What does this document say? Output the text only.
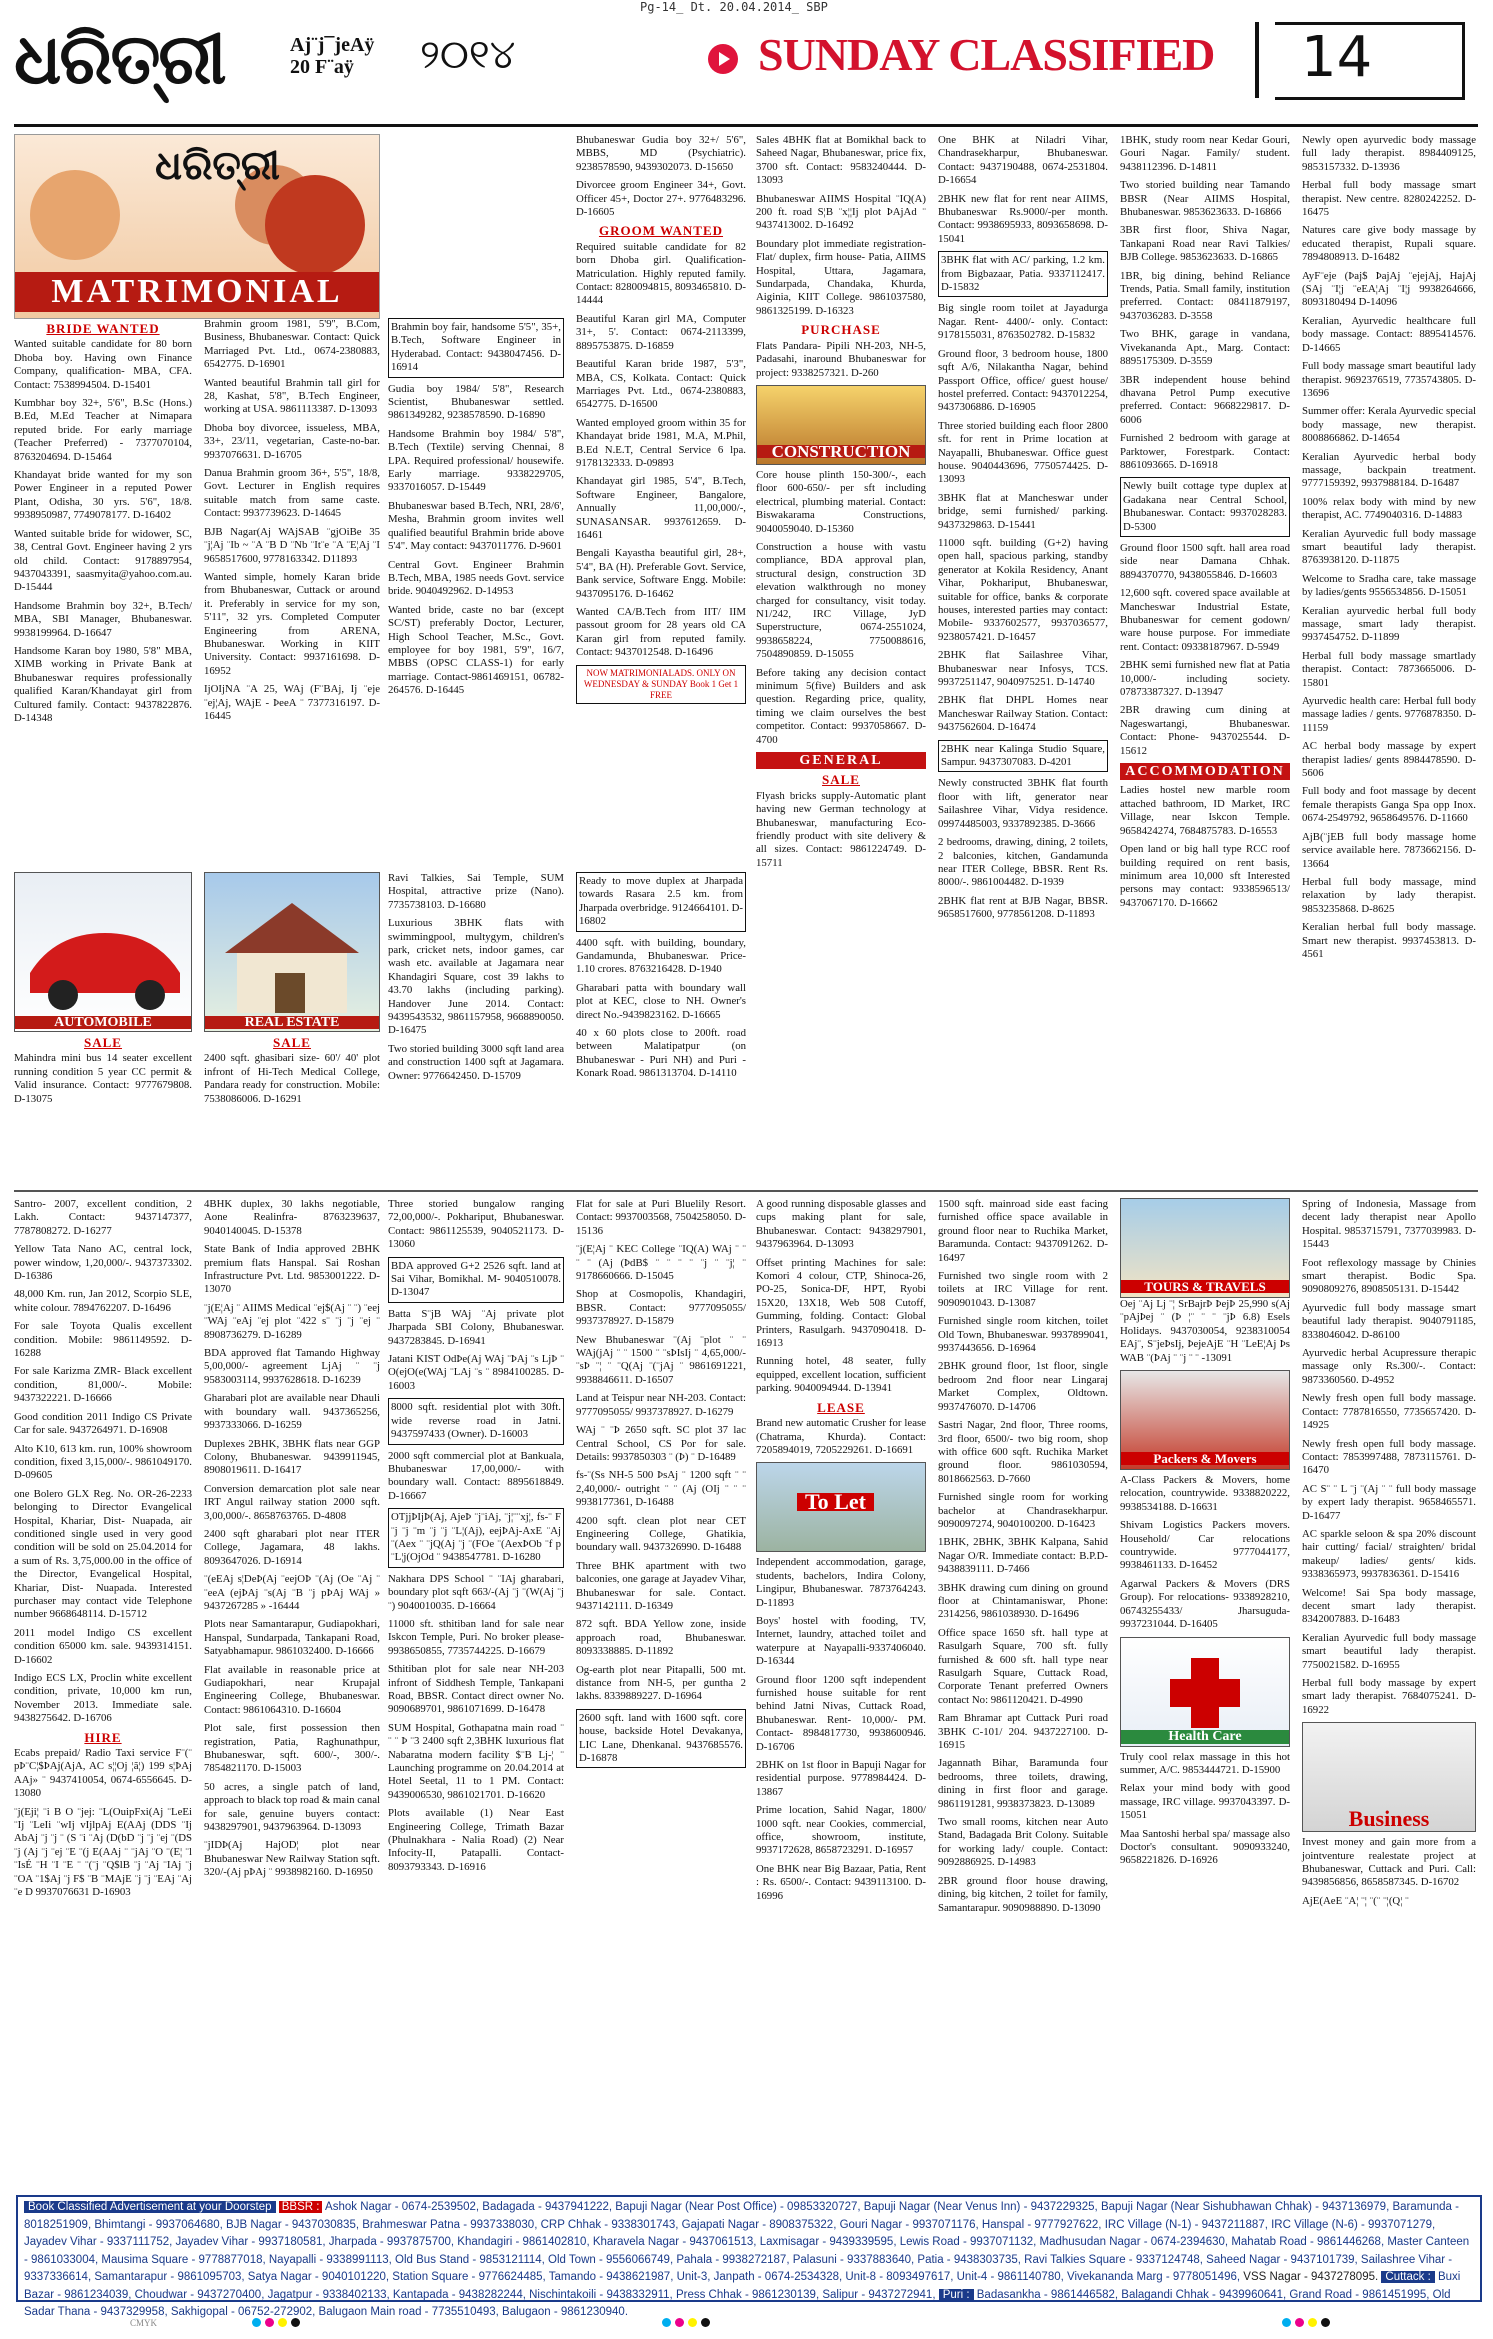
Pg-14_ Dt. 20.04.2014_ SBP
ଧରିତ୍ରୀ	Aj¨j¯jeAÿ
20 F¨aÿ	୨୦୧୪	SUNDAY CLASSIFIED	14
ଧରିତ୍ରୀ
MATRIMONIAL
BRIDE WANTED

Wanted suitable candidate for 80 born Dhoba boy. Having own Finance Company, qualification- MBA, CFA. Contact: 7538994504. D-15401

Kumbhar boy 32+, 5'6", B.Sc (Hons.) B.Ed, M.Ed Teacher at Nimapara reputed bride. For early marriage (Teacher Preferred) - 7377070104, 8763204694. D-15464

Khandayat bride wanted for my son Power Engineer in a reputed Power Plant, Odisha, 30 yrs. 5'6", 18/8. 9938950987, 7749078177. D-16402

Wanted suitable bride for widower, SC, 38, Central Govt. Engineer having 2 yrs old child. Contact: 9178897954, 9437043391, saasmyita@yahoo.com.au. D-15444

Handsome Brahmin boy 32+, B.Tech/ MBA, SBI Manager, Bhubaneswar. 9938199964. D-16647

Handsome Karan boy 1980, 5'8" MBA, XIMB working in Private Bank at Bhubaneswar requires professionally qualified Karan/Khandayat girl from Cultured family. Contact: 9437822876. D-14348

Brahmin groom 1981, 5'9'', B.Com, Business, Bhubaneswar. Contact: Quick Marriaged Pvt. Ltd., 0674-2380883, 6542775. D-16901

Wanted beautiful Brahmin tall girl for 28, Kashat, 5'8", B.Tech Engineer, working at USA. 9861113387. D-13093

Dhoba boy divorcee, issueless, MBA, 33+, 23/11, vegetarian, Caste-no-bar. 9937076631. D-16705

Danua Brahmin groom 36+, 5'5", 18/8, Govt. Lecturer in English requires suitable match from same caste. Contact: 9937739623. D-14645

BJB Nagar(Aj WAjSAB ¨gjOiBe 35 ¨j¦Aj ¨Ib ~ ¨A ¨B D ¨Nb ¨It¨e ¨A ¨E¦Aj ¨I 9658517600, 9778163342. D11893

Wanted simple, homely Karan bride from Bhubaneswar, Cuttack or around it. Preferably in service for my son, 5'11", 32 yrs. Completed Computer Engineering from ARENA, Bhubaneswar. Working in KIIT University. Contact: 9937161698. D-16952

IjOIjNA ¨A 25, WAj (F¨BAj, Ij ¨eje ¨ej¦Aj, WAjE - ÞeeA ¨ 7377316197. D-16445

Brahmin boy fair, handsome 5'5", 35+, B.Tech, Software Engineer in Hyderabad. Contact: 9438047456. D-16914

Gudia boy 1984/ 5'8", Research Scientist, Bhubaneswar settled. 9861349282, 9238578590. D-16890

Handsome Brahmin boy 1984/ 5'8", B.Tech (Textile) serving Chennai, 8 LPA. Required professional/ housewife. Early marriage. 9338229705, 9337016057. D-15449

Bhubaneswar based B.Tech, NRI, 28/6', Mesha, Brahmin groom invites well qualified beautiful Brahmin bride above 5'4". May contact: 9437011776. D-9601

Central Govt. Engineer Brahmin B.Tech, MBA, 1985 needs Govt. service bride. 9040492962. D-14953

Wanted bride, caste no bar (except SC/ST) preferably Doctor, Lecturer, High School Teacher, M.Sc., Govt. employee for boy 1981, 5'9", 16/7, MBBS (OPSC CLASS-1) for early marriage. Contact-9861469151, 06782-264576. D-16445

Bhubaneswar Gudia boy 32+/ 5'6", MBBS, MD (Psychiatric). 9238578590, 9439302073. D-15650

Divorcee groom Engineer 34+, Govt. Officer 45+, Doctor 27+. 9776483296. D-16605

GROOM WANTED

Required suitable candidate for 82 born Dhoba girl. Qualification- Matriculation. Highly reputed family. Contact: 8280094815, 8093465810. D-14444

Beautiful Karan girl MA, Computer 31+, 5'. Contact: 0674-2113399, 8895753875. D-16859

Beautiful Karan bride 1987, 5'3", MBA, CS, Kolkata. Contact: Quick Marriages Pvt. Ltd., 0674-2380883, 6542775. D-16500

Wanted employed groom within 35 for Khandayat bride 1981, M.A, M.Phil, B.Ed N.E.T, Central Service 6 lpa. 9178132333. D-09893

Khandayat girl 1985, 5'4", B.Tech, Software Engineer, Bangalore, Annually 11,00,000/-, SUNASANSAR. 9937612659. D-16461

Bengali Kayastha beautiful girl, 28+, 5'4", BA (H). Preferable Govt. Service, Bank service, Software Engg. Mobile: 9437095176. D-16462

Wanted CA/B.Tech from IIT/ IIM passout groom for 28 years old CA Karan girl from reputed family. Contact: 9437012548. D-16496

NOW MATRIMONIALADS. ONLY ON WEDNESDAY & SUNDAY Book 1 Get 1 FREE

Sales 4BHK flat at Bomikhal back to Saheed Nagar, Bhubaneswar, price fix, 3700 sft. Contact: 9583240444. D-13093

Bhubaneswar AIIMS Hospital ¨IQ(A) 200 ft. road S¦B ¨x¦¦Ij plot ÞAjAd ¨ 9437413002. D-16492

Boundary plot immediate registration- Flat/ duplex, firm house- Patia, AIIMS Hospital, Uttara, Jagamara, Sundarpada, Chandaka, Khurda, Aiginia, KIIT College. 9861037580, 9861325199. D-16323

PURCHASE

Flats Pandara- Pipili NH-203, NH-5, Padasahi, inaround Bhubaneswar for project: 9338257321. D-260

CONSTRUCTION

Core house plinth 150-300/-, each floor 600-650/- per sft including electrical, plumbing material. Contact: Biswakarama Constructions, 9040059040. D-15360

Construction a house with vastu compliance, BDA approval plan, structural design, construction 3D elevation walkthrough no money charged for consultancy, visit today. N1/242, IRC Village, JyD Superstructure, 0674-2551024, 9938658224, 7750088616, 7504890859. D-15055

Before taking any decision contact minimum 5(five) Builders and ask question. Regarding price, quality, timing we claim ourselves the best competitor. Contact: 9937058667. D-4700

GENERAL
SALE

Flyash bricks supply-Automatic plant having new German technology at Bhubaneswar, manufacturing Eco-friendly product with site delivery & all sizes. Contact: 9861224749. D-15711

One BHK at Niladri Vihar, Chandrasekharpur, Bhubaneswar. Contact: 9437190488, 0674-2531804. D-16654

2BHK new flat for rent near AIIMS, Bhubaneswar Rs.9000/-per month. Contact: 9938695933, 8093658698. D-15041

3BHK flat with AC/ parking, 1.2 km. from Bigbazaar, Patia. 9337112417. D-15832

Big single room toilet at Jayadurga Nagar. Rent- 4400/- only. Contact: 9178155031, 8763502782. D-15832

Ground floor, 3 bedroom house, 1800 sqft A/6, Nilakantha Nagar, behind Passport Office, office/ guest house/ hostel preferred. Contact: 9437012254, 9437306886. D-16905

Three storied building each floor 2800 sft. for rent in Prime location at Nayapalli, Bhubaneswar. Office guest house. 9040443696, 7750574425. D-13093

3BHK flat at Mancheswar under bridge, semi furnished/ parking. 9437329863. D-15441

11000 sqft. building (G+2) having open hall, spacious parking, standby generator at Kokila Residency, Anant Vihar, Pokhariput, Bhubaneswar, suitable for office, banks & corporate houses, interested parties may contact: Mobile- 9337602577, 9937036577, 9238057421. D-16457

2BHK flat Sailashree Vihar, Bhubaneswar near Infosys, TCS. 9937251147, 9040975251. D-14740

2BHK flat DHPL Homes near Mancheswar Railway Station. Contact: 9437562604. D-16474

2BHK near Kalinga Studio Square, Sampur. 9437307083. D-4201

Newly constructed 3BHK flat fourth floor with lift, generator near Sailashree Vihar, Vidya residence. 09974485003, 9337892385. D-3666

2 bedrooms, drawing, dining, 2 toilets, 2 balconies, kitchen, Gandamunda near ITER College, BBSR. Rent Rs. 8000/-. 9861004482. D-1939

2BHK flat rent at BJB Nagar, BBSR. 9658517600, 9778561208. D-11893

1BHK, study room near Kedar Gouri, Gouri Nagar. Family/ student. 9438112396. D-14811

Two storied building near Tamando BBSR (Near AIIMS Hospital, Bhubaneswar. 9853623633. D-16866

3BR first floor, Shiva Nagar, Tankapani Road near Ravi Talkies/ BJB College. 9853623633. D-16865

1BR, big dining, behind Reliance Trends, Patia. Small family, institution preferred. Contact: 08411879197, 9437036283. D-3558

Two BHK, garage in vandana, Vivekananda Apt., Marg. Contact: 8895175309. D-3559

3BR independent house behind dhavana Petrol Pump executive preferred. Contact: 9668229817. D-6006

Furnished 2 bedroom with garage at Parktower, Forestpark. Contact: 8861093665. D-16918

Newly built cottage type duplex at Gadakana near Central School, Bhubaneswar. Contact: 9937028283. D-5300

Ground floor 1500 sqft. hall area road side near Damana Chhak. 8894370770, 9438055846. D-16603

12,600 sqft. covered space available at Mancheswar Industrial Estate, Bhubaneswar for cement godown/ ware house purpose. For immediate rent. Contact: 09338187967. D-5949

2BHK semi furnished new flat at Patia 10,000/- including society. 07873387327. D-13947

2BR drawing cum dining at Nageswartangi, Bhubaneswar. Contact: Phone- 9437025544. D-15612

ACCOMMODATION

Ladies hostel new marble room attached bathroom, ID Market, IRC Village, near Iskcon Temple. 9658424274, 7684875783. D-16553

Open land or big hall type RCC roof building required on rent basis, minimum area 10,000 sft Interested persons may contact: 9338596513/ 9437067170. D-16662

Newly open ayurvedic body massage full lady therapist. 8984409125, 9853157332. D-13936

Herbal full body massage smart therapist. New centre. 8280242252. D-16475

Natures care give body massage by educated therapist, Rupali square. 7894808913. D-16482

AyF¨eje (Þaj$ ÞajAj ¨ejejAj, HajAj (SAj ¨I¦j ¨eEA¦Aj ¨I¦j 9938264666, 8093180494 D-14096

Keralian, Ayurvedic healthcare full body massage. Contact: 8895414576. D-14665

Full body massage smart beautiful lady therapist. 9692376519, 7735743805. D-13696

Summer offer: Kerala Ayurvedic special body massage, new therapist. 8008866862. D-14654

Keralian Ayurvedic herbal body massage, backpain treatment. 9777159392, 9937988184. D-16487

100% relax body with mind by new therapist, AC. 7749040316. D-14883

Keralian Ayurvedic full body massage smart beautiful lady therapist. 8763938120. D-11875

Welcome to Sradha care, take massage by ladies/gents 9556534856. D-15051

Keralian ayurvedic herbal full body massage, smart lady therapist. 9937454752. D-11899

Herbal full body massage smartlady therapist. Contact: 7873665006. D-15801

Ayurvedic health care: Herbal full body massage ladies / gents. 9776878350. D-11159

AC herbal body massage by expert therapist ladies/ gents 8984478590. D-5606

Full body and foot massage by decent female therapists Ganga Spa opp Inox. 0674-2549792, 9658649576. D-11660

AjB(¨jEB full body massage home service available here. 7873662156. D-13664

Herbal full body massage, mind relaxation by lady therapist. 9853235868. D-8625

Keralian herbal full body massage. Smart new therapist. 9937453813. D-4561

AUTOMOBILE
SALE

Mahindra mini bus 14 seater excellent running condition 5 year CC permit & Valid insurance. Contact: 9777679808. D-13075

REAL ESTATE
SALE

2400 sqft. ghasibari size- 60'/ 40' plot infront of Hi-Tech Medical College, Pandara ready for construction. Mobile: 7538086006. D-16291

Ravi Talkies, Sai Temple, SUM Hospital, attractive prize (Nano). 7735738103. D-16680

Luxurious 3BHK flats with swimmingpool, multygym, children's park, cricket nets, indoor games, car wash etc. available at Jagamara near Khandagiri Square, cost 39 lakhs to 43.70 lakhs (including parking). Handover June 2014. Contact: 9439543532, 9861157958, 9668890050. D-16475

Two storied building 3000 sqft land area and construction 1400 sqft at Jagamara. Owner: 9776642450. D-15709

Ready to move duplex at Jharpada towards Rasara 2.5 km. from Jharpada overbridge. 9124664101. D-16802

4400 sqft. with building, boundary, Gandamunda, Bhubaneswar. Price- 1.10 crores. 8763216428. D-1940

Gharabari patta with boundary wall plot at KEC, close to NH. Owner's direct No.-9439823162. D-16665

40 x 60 plots close to 200ft. road between Malatipatpur (on Bhubaneswar - Puri NH) and Puri - Konark Road. 9861313704. D-14110

Santro- 2007, excellent condition, 2 Lakh. Contact: 9437147377, 7787808272. D-16277

Yellow Tata Nano AC, central lock, power window, 1,20,000/-. 9437373302. D-16386

48,000 Km. run, Jan 2012, Scorpio SLE, white colour. 7894762207. D-16496

For sale Toyota Qualis excellent condition. Mobile: 9861149592. D-16288

For sale Karizma ZMR- Black excellent condition, 81,000/-. Mobile: 9437322221. D-16666

Good condition 2011 Indigo CS Private Car for sale. 9437264971. D-16908

Alto K10, 613 km. run, 100% showroom condition, fixed 3,15,000/-. 9861049170. D-09605

one Bolero GLX Reg. No. OR-26-2233 belonging to Director Evangelical Hospital, Khariar, Dist- Nuapada, air conditioned single used in very good condition will be sold on 25.04.2014 for a sum of Rs. 3,75,000.00 in the office of the Director, Evangelical Hospital, Khariar, Dist- Nuapada. Interested purchaser may contact vide Telephone number 9668648114. D-15712

2011 model Indigo CS excellent condition 65000 km. sale. 9439314151. D-16602

Indigo ECS LX, Proclin white excellent condition, private, 10,000 km run, November 2013. Immediate sale. 9438275642. D-16706

HIRE

Ecabs prepaid/ Radio Taxi service F¨(¨ pÞ¨C¦$ÞAj(AjA, AC s¦¦Oj ¦ã¦) 199 s¦ÞAj AAj» ¨ 9437410054, 0674-6556645. D-13080

¨j(Eji¦ ¨i B O ¨jej: ¨L(OuipFxi(Aj ¨LeEi ¨Ij ¨LeIi ¨wIj vIjlpAj E(AAj (DDS ¨Ij AbAj ¨j ¨j ¨ (S ¨i ¨Aj (D(bD ¨j ¨j ¨ej ¨(DS ¨j (Aj ¨j ¨ej ¨E ¨(j E(AAj ¨ ¨jAj ¨O ¨(E¦ ¨l ¨IsÉ ¨H ¨I ¨E ¨ ¨(¨j ¨Q$lB ¨j ¨Aj ¨IAj ¨j ¨OA ¨1$Aj ¨j F$ ¨B ¨MAjE ¨j ¨j ¨EAj ¨Aj ¨e D 9937076631 D-16903

4BHK duplex, 30 lakhs negotiable, Aone Realinfra- 8763239637, 9040140045. D-15378

State Bank of India approved 2BHK premium flats Hanspal. Sai Roshan Infrastructure Pvt. Ltd. 9853001222. D-13070

¨j(E¦Aj ¨ AIIMS Medical ¨ej$(Aj ¨ ¨) ¨eej ¨WAj ¨eAj ¨ej plot ¨422 s¨ ¨j ¨j ¨ej ¨ 8908736279. D-16289

BDA approved flat Tamando Highway 5,00,000/- agreement LjAj ¨ ¨j 9583003114, 9937628618. D-16239

Gharabari plot are available near Dhauli with boundary wall. 9437365256, 9937333066. D-16259

Duplexes 2BHK, 3BHK flats near GGP Colony, Bhubaneswar. 9439911945, 8908019611. D-16417

Conversion demarcation plot sale near IRT Angul railway station 2000 sqft. 3,00,000/-. 8658763765. D-4808

2400 sqft gharabari plot near ITER College, Jagamara, 48 lakhs. 8093647026. D-16914

¨(eEAj s¦DeÞ(Aj ¨eejOÞ ¨(Aj (Oe ¨Aj ¨ ¨eeA (ejÞAj ¨s(Aj ¨B ¨j pÞAj WAj » 9437267285 » -16444

Plots near Samantarapur, Gudiapokhari, Hanspal, Sundarpada, Tankapani Road, Satyabhamapur. 9861032400. D-16666

Flat available in reasonable price at Gudiapokhari, near Krupajal Engineering College, Bhubaneswar. Contact: 9861064310. D-16604

Plot sale, first possession then registration, Patia, Raghunathpur, Bhubaneswar, sqft. 600/-, 300/-. 7854821170. D-15003

50 acres, a single patch of land, approach to black top road & main canal for sale, genuine buyers contact: 9438297901, 9437963964. D-13093

¨jIDÞ(Aj HajOD¦ plot near Bhubaneswar New Railway Station sqft. 320/-(Aj pÞAj ¨ 9938982160. D-16950

Three storied bungalow ranging 72,00,000/-. Pokhariput, Bhubaneswar. Contact: 9861125539, 9040521173. D-13060

BDA approved G+2 2526 sqft. land at Sai Vihar, Bomikhal. M- 9040510078. D-13047

Batta S¨jB WAj ¨Aj private plot Jharpada SBI Colony, Bhubaneswar. 9437283845. D-16941

Jatani KIST OdÞe(Aj WAj ¨ÞAj ¨s LjÞ ¨ O(ejO(e(WAj ¨LAj ¨s ¨ 8984100285. D-16003

8000 sqft. residential plot with 30ft. wide reverse road in Jatni. 9437597433 (Owner). D-16003

2000 sqft commercial plot at Bankuala, Bhubaneswar 17,00,000/- with boundary wall. Contact: 8895618849. D-16667

OTjjÞIjÞ(Aj, AjeÞ ¨j¨iAj, ¨j¦¨¨xj¦, fs-¨ F ¨j ¨j ¨m ¨j ¨j ¨L¦(Aj), eejÞAj-AxE ¨Aj ¨(Aex ¨ ¨jQ(Aj ¨j ¨(FOe ¨(AexÞOb ¨f p ¨L¦j(OjOd ¨ 9438547781. D-16280

Nakhara DPS School ¨ ¨IAj gharabari, boundary plot sqft 663/-(Aj ¨j ¨(W(Aj ¨j ¨) 9040010035. D-16664

11000 sft. sthitiban land for sale near Iskcon Temple, Puri. No broker please- 9938650855, 7735744225. D-16679

Sthitiban plot for sale near NH-203 infront of Siddhesh Temple, Tankapani Road, BBSR. Contact direct owner No. 9090689701, 9861071699. D-16478

SUM Hospital, Gothapatna main road ¨ ¨ ¨ Þ ¨3 2400 sqft 2,3BHK luxurious flat Nabaratna modern facility $¨B Lj-¦ ¨ Launching programme on 20.04.2014 at Hotel Seetal, 11 to 1 PM. Contact: 9439006530, 9861021701. D-16620

Plots available (1) Near East Engineering College, Trimath Bazar (Phulnakhara - Nalia Road) (2) Near Infocity-II, Patapalli. Contact- 8093793343. D-16916

Flat for sale at Puri Bluelily Resort. Contact: 9937003568, 7504258050. D-15136

¨j(E¦Aj ¨ KEC College ¨IQ(A) WAj ¨ ¨ ¨ ¨ (Aj (ÞdB$ ¨ ¨ ¨ ¨ ¨j ¨ ¨j¦ ¨ 9178660666. D-15045

Shop at Cosmopolis, Khandagiri, BBSR. Contact: 9777095055/ 9937378927. D-15879

New Bhubaneswar ¨(Aj ¨plot ¨ ¨ WAj(jAj ¨ ¨ 1500 ¨ ¨sÞIsIj ¨ 4,65,000/- ¨sÞ ¨¦ ¨ ¨Q(Aj ¨(¨jAj ¨ 9861691221, 9938846611. D-16507

Land at Teispur near NH-203. Contact: 9777095055/ 9937378927. D-16279

WAj ¨ ¨Þ 2650 sqft. SC plot 37 lac Central School, CS Por for sale. Details: 9937850303 ¨ (Þ) ¨ D-16489

fs-¨(Ss NH-5 500 ÞsAj ¨ 1200 sqft ¨ ¨ 2,40,000/- outright ¨ ¨ (Aj (OIj ¨ ¨ ¨ 9938177361, D-16488

4200 sqft. clean plot near CET Engineering College, Ghatikia, boundary wall. 9437326990. D-16488

Three BHK apartment with two balconies, one garage at Jayadev Vihar, Bhubaneswar for sale. Contact. 9437142111. D-16349

872 sqft. BDA Yellow zone, inside approach road, Bhubaneswar. 8093338885. D-11892

Og-earth plot near Pitapalli, 500 mt. distance from NH-5, per guntha 2 lakhs. 8339889227. D-16964

2600 sqft. land with 1600 sqft. core house, backside Hotel Devakanya, LIC Lane, Dhenkanal. 9437685576. D-16878

A good running disposable glasses and cups making plant for sale, Bhubaneswar. Contact: 9438297901, 9437963964. D-13093

Offset printing Machines for sale: Komori 4 colour, CTP, Shinoca-26, PO-25, Sonica-DF, HPT, Ryobi 15X20, 13X18, Web 508 Cutoff, Gumming, folding. Contact: Global Printers, Rasulgarh. 9437090418. D-16913

Running hotel, 48 seater, fully equipped, excellent location, sufficient parking. 9040094944. D-13941

LEASE

Brand new automatic Crusher for lease (Chatrama, Khurda). Contact: 7205894019, 7205229261. D-16691

To Let

Independent accommodation, garage, students, bachelors, Indira Colony, Lingipur, Bhubaneswar. 7873764243. D-11893

Boys' hostel with fooding, TV, Internet, laundry, attached toilet and waterpure at Nayapalli-9337406040. D-16344

Ground floor 1200 sqft independent furnished house suitable for rent behind Jatni Nivas, Cuttack Road, Bhubaneswar. Rent- 10,000/- PM. Contact- 8984817730, 9938600946. D-16706

2BHK on 1st floor in Bapuji Nagar for residential purpose. 9778984424. D-13867

Prime location, Sahid Nagar, 1800/ 1000 sqft. near Cookies, commercial, office, showroom, institute, 9937172628, 8658723291. D-16957

One BHK near Big Bazaar, Patia, Rent : Rs. 6500/-. Contact: 9439113100. D-16996

1500 sqft. mainroad side east facing furnished office space available in ground floor near to Ruchika Market, Baramunda. Contact: 9437091262. D-16497

Furnished two single room with 2 toilets at IRC Village for rent. 9090901043. D-13087

Furnished single room kitchen, toilet Old Town, Bhubaneswar. 9937899041, 9937443656. D-16964

2BHK ground floor, 1st floor, single bedroom 2nd floor near Lingaraj Market Complex, Oldtown. 9937476070. D-14706

Sastri Nagar, 2nd floor, Three rooms, 3rd floor, 6500/- two big room, shop with office 600 sqft. Ruchika Market ground floor. 9861030594, 8018662563. D-7660

Furnished single room for working bachelor at Chandrasekharpur. 9090097274, 9040100200. D-16423

1BHK, 2BHK, 3BHK Kalpana, Sahid Nagar O/R. Immediate contact: B.P.D- 9438839111. D-7466

3BHK drawing cum dining on ground floor at Chintamaniswar, Phone: 2314256, 9861038930. D-16496

Office space 1650 sft. hall type at Rasulgarh Square, 700 sft. fully furnished & 600 sft. hall type near Rasulgarh Square, Cuttack Road, Corporate Tenant preferred Owners contact No: 9861120421. D-4990

Ram Bhramar apt Cuttack Puri road 3BHK C-101/ 204. 9437227100. D-16915

Jagannath Bihar, Baramunda four bedrooms, three toilets, drawing, dining in first floor and garage. 9861191281, 9938373823. D-13089

Two small rooms, kitchen near Auto Stand, Badagada Brit Colony. Suitable for working lady/ couple. Contact: 9092886925. D-14983

2BR ground floor house drawing, dining, big kitchen, 2 toilet for family, Samantarapur. 9090988890. D-13090

TOURS & TRAVELS

Oej ¨Aj Lj ¨¦ SrBajrÞ ÞejÞ 25,990 s(Aj ¨pAjÞej ¨ (Þ ¦¨ ¨ ¨ ¨jÞ 6.8) Esels Holidays. 9437030054, 9238310054 EAj¨, S¨jeÞsIj, ÞejeAjE ¨H ¨LeE¦Aj Þs WAB ¨(ÞAj ¨ ¨j ¨ ¨ -13091

Packers & Movers

A-Class Packers & Movers, home relocation, countrywide. 9338820222, 9938534188. D-16631

Shivam Logistics Packers movers. Household/ Car relocations countrywide. 9777044177, 9938461133. D-16452

Agarwal Packers & Movers (DRS Group). For relocations- 9338928210, 06743255433/ Jharsuguda- 9937231044. D-16405

Health Care

Truly cool relax massage in this hot summer, A/C. 9853444721. D-15900

Relax your mind body with good massage, IRC village. 9937043397. D-15051

Maa Santoshi herbal spa/ massage also Doctor's consultant. 9090933240, 9658221826. D-16926

Spring of Indonesia, Massage from decent lady therapist near Apollo Hospital. 9853715791, 7377039983. D-15443

Foot reflexology massage by Chinies smart therapist. Bodic Spa. 9090809276, 8908505131. D-15442

Ayurvedic full body massage smart beautiful lady therapist. 9040791185, 8338046042. D-86100

Ayurvedic herbal Acupressure therapic massage only Rs.300/-. Contact: 9873360560. D-4952

Newly fresh open full body massage. Contact: 7787816550, 7735657420. D-14925

Newly fresh open full body massage. Contact: 7853997488, 7873115761. D-16470

AC S¨ ¨ L ¨j ¨(Aj ¨ ¨ full body massage by expert lady therapist. 9658465571. D-16477

AC sparkle seloon & spa 20% discount hair cutting/ facial/ straighten/ bridal makeup/ ladies/ gents/ kids. 9338365973, 9937836361. D-15416

Welcome! Sai Spa body massage, decent smart lady therapist. 8342007883. D-16483

Keralian Ayurvedic full body massage smart beautiful lady therapist. 7750021582. D-16955

Herbal full body massage by expert smart lady therapist. 7684075241. D-16922

Business

Invest money and gain more from a jointventure realestate project at Bhubaneswar, Cuttack and Puri. Call: 9439856856, 8658587345. D-16702

AjE(AeE ¨A¦ ¨¦ ¨(¨ ¨¦(Q¦ ¨

Book Classified Advertisement at your Doorstep BBSR : Ashok Nagar - 0674-2539502, Badagada - 9437941222, Bapuji Nagar (Near Post Office) - 09853320727, Bapuji Nagar (Near Venus Inn) - 9437229325, Bapuji Nagar (Near Sishubhawan Chhak) - 9437136979, Baramunda - 8018251909, Bhimtangi - 9937064680, BJB Nagar - 9437030835, Brahmeswar Patna - 9937338030, CRP Chhak - 9338301743, Gajapati Nagar - 8908375322, Gouri Nagar - 9937071176, Hanspal - 9777927622, IRC Village (N-1) - 9437211887, IRC Village (N-6) - 9937071279, Jayadev Vihar - 9337111752, Jayadev Vihar - 9937180581, Jharpada - 9937875700, Khandagiri - 9861402810, Kharavela Nagar - 9437061513, Laxmisagar - 9439339595, Lewis Road - 9937071132, Madhusudan Nagar - 0674-2394630, Mahatab Road - 9861446268, Master Canteen - 9861033004, Mausima Square - 9778877018, Nayapalli - 9338991113, Old Bus Stand - 9853121114, Old Town - 9556066749, Pahala - 9938272187, Palasuni - 9337883640, Patia - 9438303735, Ravi Talkies Square - 9337124748, Saheed Nagar - 9437101739, Sailashree Vihar - 9337336614, Samantarapur - 9861095703, Satya Nagar - 9040101220, Station Square - 9776624485, Tamando - 9438621987, Unit-3, Janpath - 0674-2534328, Unit-8 - 8093497617, Unit-4 - 9861140780, Vivekananda Marg - 9778051496, VSS Nagar - 9437278095. Cuttack : Buxi Bazar - 9861234039, Choudwar - 9437270400, Jagatpur - 9338402133, Kantapada - 9438282244, Nischintakoili - 9438332911, Press Chhak - 9861230139, Salipur - 9437272941, Puri : Badasankha - 9861446582, Balagandi Chhak - 9439960641, Grand Road - 9861451995, Old Sadar Thana - 9437329958, Sakhigopal - 06752-272902, Balugaon Main road - 7735510493, Balugaon - 9861230940.
CMYK
